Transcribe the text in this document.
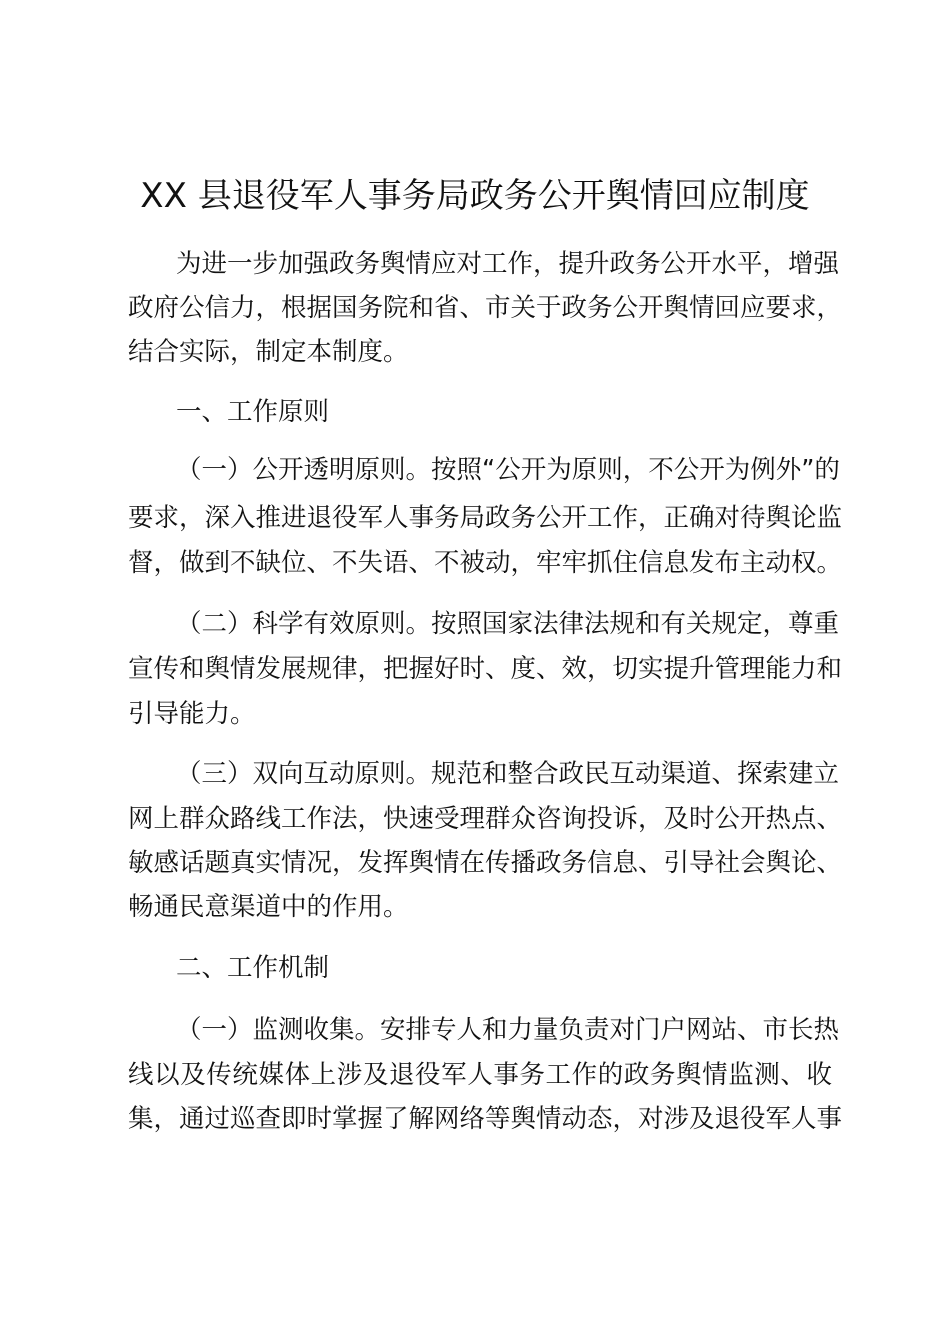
XX 县退役军人事务局政务公开舆情回应制度
为进一步加强政务舆情应对工作，提升政务公开水平，增强
政府公信力，根据国务院和省、市关于政务公开舆情回应要求，
结合实际，制定本制度。
一、工作原则
（一）公开透明原则。按照“公开为原则，不公开为例外”的
要求，深入推进退役军人事务局政务公开工作，正确对待舆论监
督，做到不缺位、不失语、不被动，牢牢抓住信息发布主动权。
（二）科学有效原则。按照国家法律法规和有关规定，尊重
宣传和舆情发展规律，把握好时、度、效，切实提升管理能力和
引导能力。
（三）双向互动原则。规范和整合政民互动渠道、探索建立
网上群众路线工作法，快速受理群众咨询投诉，及时公开热点、
敏感话题真实情况，发挥舆情在传播政务信息、引导社会舆论、
畅通民意渠道中的作用。
二、工作机制
（一）监测收集。安排专人和力量负责对门户网站、市长热
线以及传统媒体上涉及退役军人事务工作的政务舆情监测、收
集，通过巡查即时掌握了解网络等舆情动态，对涉及退役军人事
